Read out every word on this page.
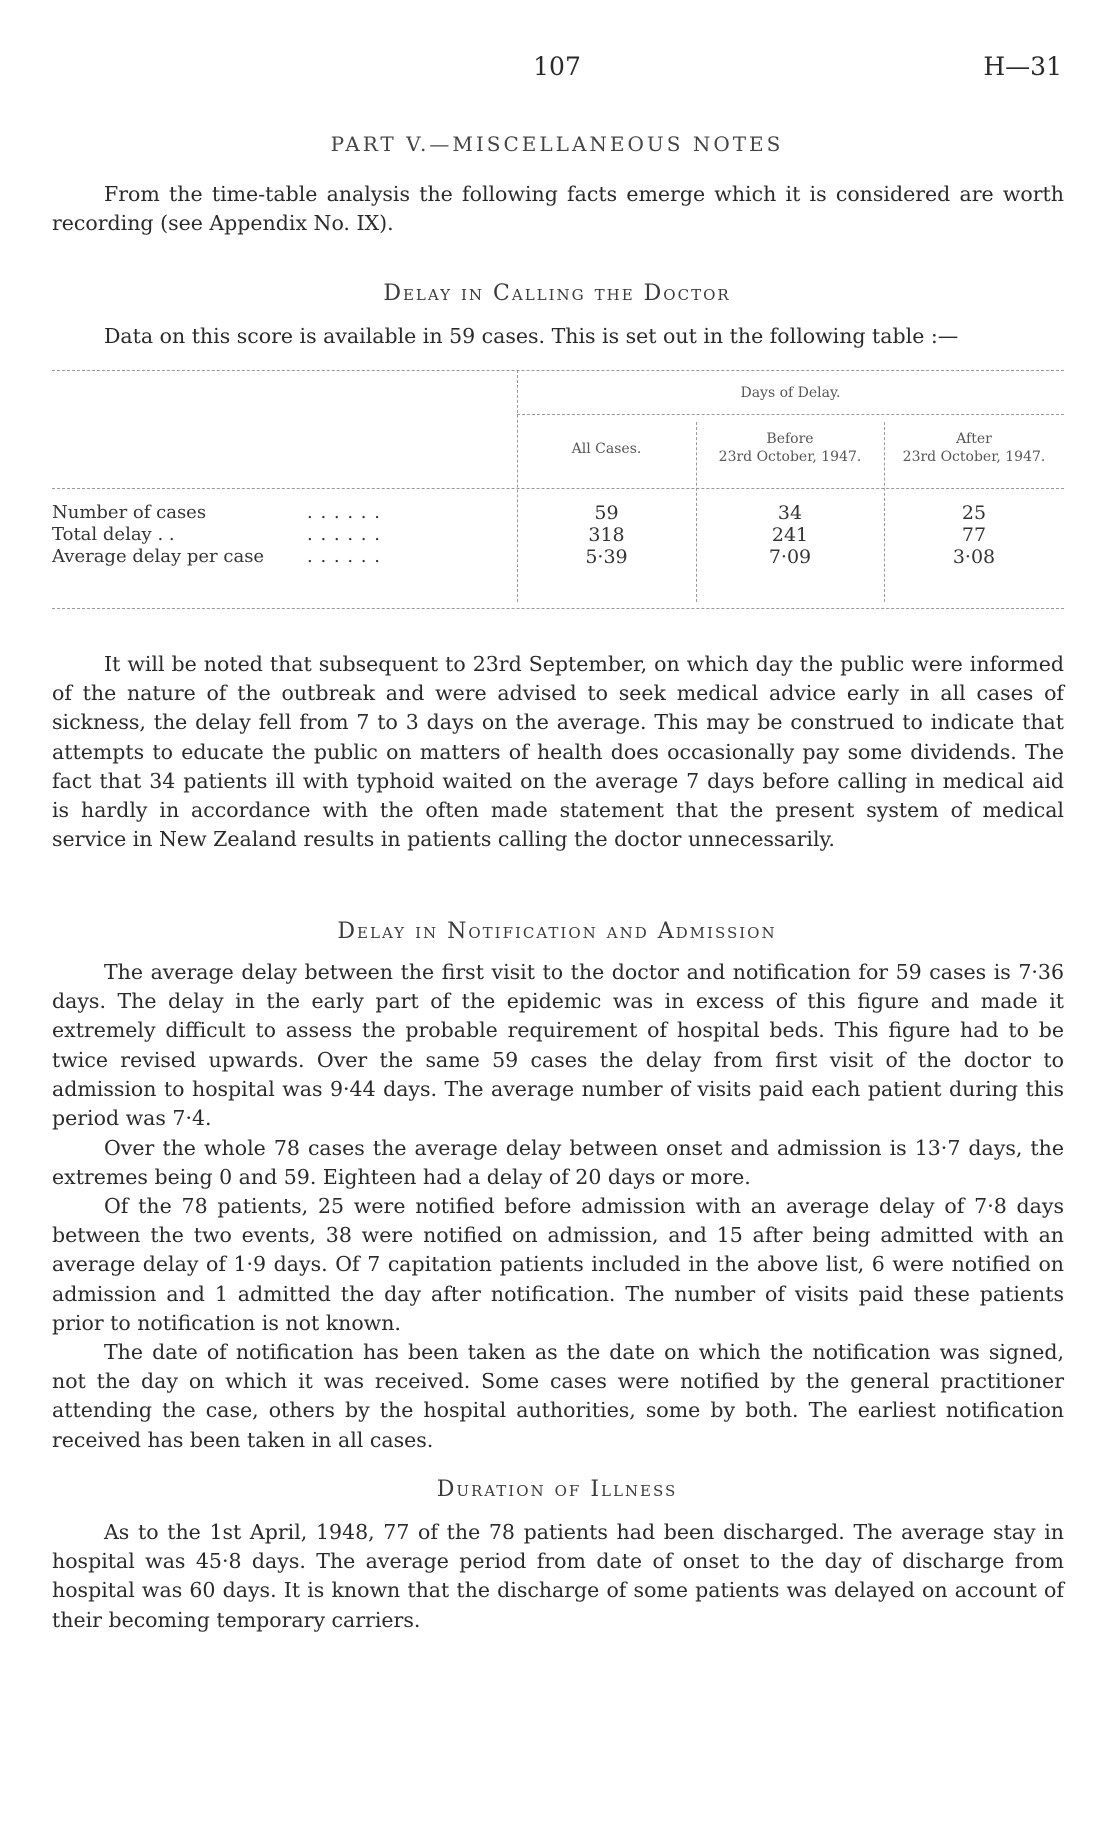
107	H—31
PART V.—MISCELLANEOUS NOTES

From the time-table analysis the following facts emerge which it is considered are worth recording (see Appendix No. IX).

Delay in Calling the Doctor

Data on this score is available in 59 cases. This is set out in the following table :—

Days of Delay.
All Cases.
Before
23rd October, 1947.
After
23rd October, 1947.
Number of cases	. . . . . .	59	34	25
Total delay . .	. . . . . .	318	241	77
Average delay per case . . . . . .	5·39	7·09	3·08

It will be noted that subsequent to 23rd September, on which day the public were informed of the nature of the outbreak and were advised to seek medical advice early in all cases of sickness, the delay fell from 7 to 3 days on the average. This may be construed to indicate that attempts to educate the public on matters of health does occasionally pay some dividends. The fact that 34 patients ill with typhoid waited on the average 7 days before calling in medical aid is hardly in accordance with the often made statement that the present system of medical service in New Zealand results in patients calling the doctor unnecessarily.

Delay in Notification and Admission

The average delay between the first visit to the doctor and notification for 59 cases is 7·36 days. The delay in the early part of the epidemic was in excess of this figure and made it extremely difficult to assess the probable requirement of hospital beds. This figure had to be twice revised upwards. Over the same 59 cases the delay from first visit of the doctor to admission to hospital was 9·44 days. The average number of visits paid each patient during this period was 7·4.

Over the whole 78 cases the average delay between onset and admission is 13·7 days, the extremes being 0 and 59. Eighteen had a delay of 20 days or more.

Of the 78 patients, 25 were notified before admission with an average delay of 7·8 days between the two events, 38 were notified on admission, and 15 after being admitted with an average delay of 1·9 days. Of 7 capitation patients included in the above list, 6 were notified on admission and 1 admitted the day after notification. The number of visits paid these patients prior to notification is not known.

The date of notification has been taken as the date on which the notification was signed, not the day on which it was received. Some cases were notified by the general practitioner attending the case, others by the hospital authorities, some by both. The earliest notification received has been taken in all cases.

Duration of Illness

As to the 1st April, 1948, 77 of the 78 patients had been discharged. The average stay in hospital was 45·8 days. The average period from date of onset to the day of discharge from hospital was 60 days. It is known that the discharge of some patients was delayed on account of their becoming temporary carriers.
